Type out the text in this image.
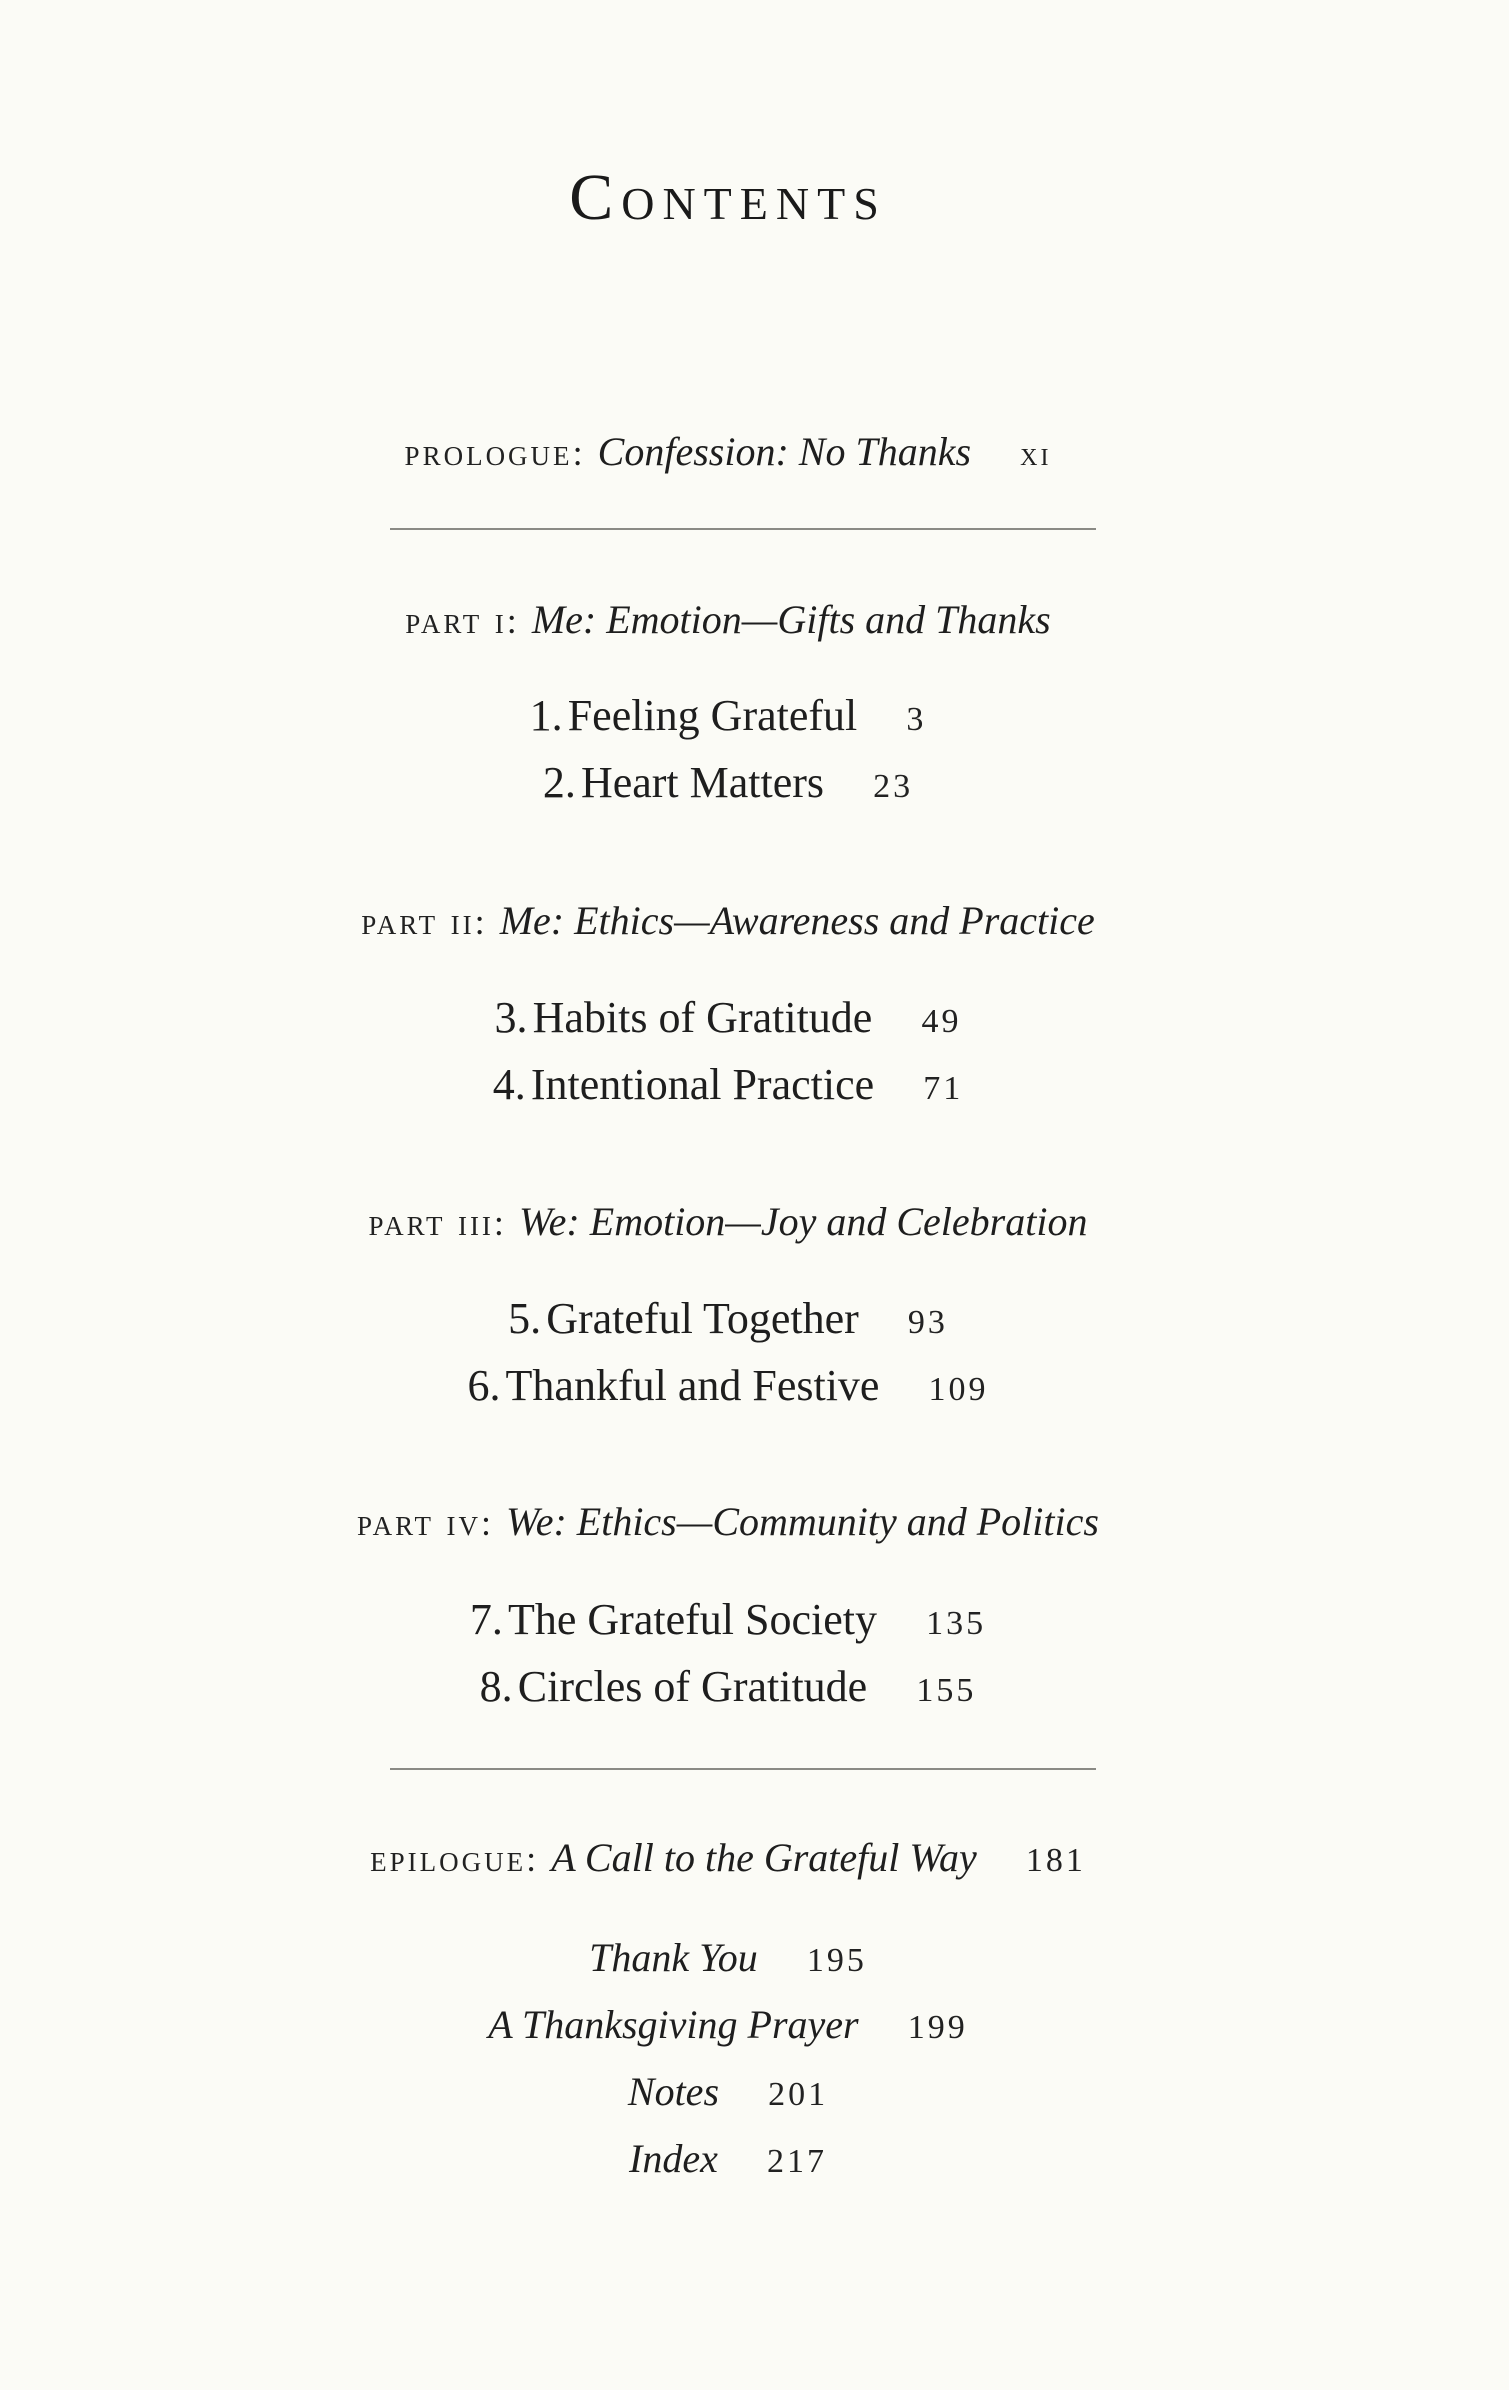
Contents
prologue: Confession: No Thanks xi
part i: Me: Emotion—Gifts and Thanks
1. Feeling Grateful 3
2. Heart Matters 23
part ii: Me: Ethics—Awareness and Practice
3. Habits of Gratitude 49
4. Intentional Practice 71
part iii: We: Emotion—Joy and Celebration
5. Grateful Together 93
6. Thankful and Festive 109
part iv: We: Ethics—Community and Politics
7. The Grateful Society 135
8. Circles of Gratitude 155
epilogue: A Call to the Grateful Way 181
Thank You 195
A Thanksgiving Prayer 199
Notes 201
Index 217
